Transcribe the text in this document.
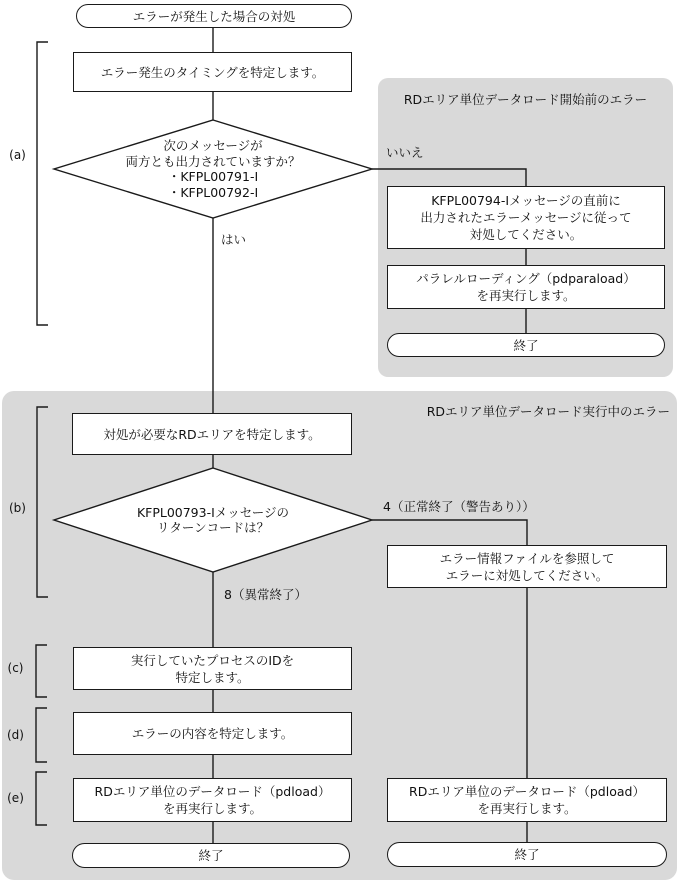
RDエリア単位データロード開始前のエラー
RDエリア単位データロード実行中のエラー
エラーが発生した場合の対処
エラー発生のタイミングを特定します。
次のメッセージが
両方とも出力されていますか？
・KFPL00791-I
・KFPL00792-I
KFPL00794-Iメッセージの直前に
出力されたエラーメッセージに従って
対処してください。
パラレルローディング（pdparaload）
を再実行します。
終了
対処が必要なRDエリアを特定します。
KFPL00793-Iメッセージの
リターンコードは？
エラー情報ファイルを参照して
エラーに対処してください。
実行していたプロセスのIDを
特定します。
エラーの内容を特定します。
RDエリア単位のデータロード（pdload）
を再実行します。
終了
RDエリア単位のデータロード（pdload）
を再実行します。
終了
いいえ
はい
4（正常終了（警告あり））
8（異常終了）
(a)
(b)
(c)
(d)
(e)
